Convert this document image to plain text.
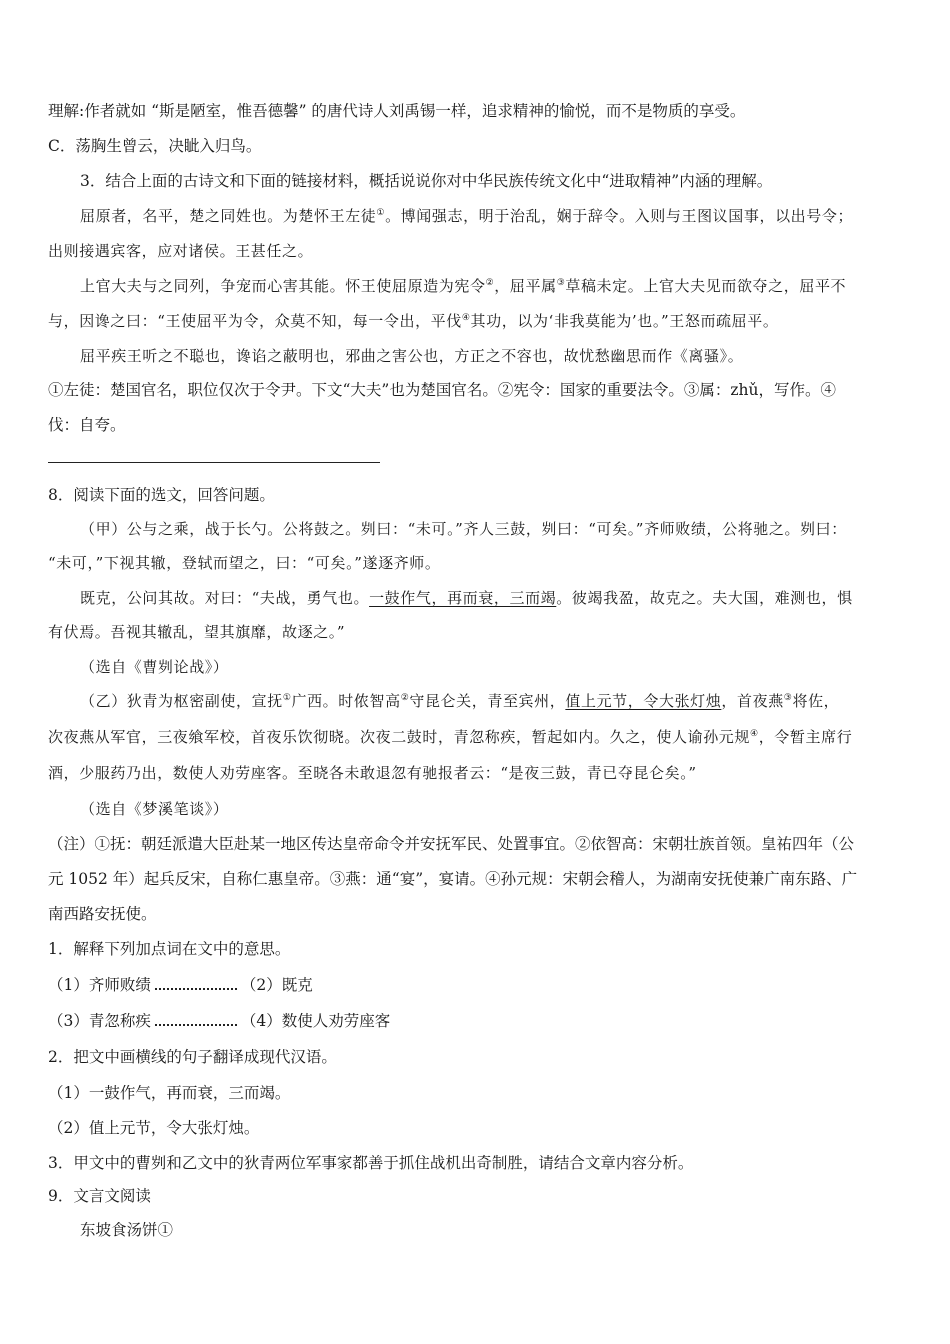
理解:作者就如 “斯是陋室，惟吾德馨” 的唐代诗人刘禹锡一样，追求精神的愉悦，而不是物质的享受。
C．荡胸生曾云，决眦入归鸟。
3．结合上面的古诗文和下面的链接材料，概括说说你对中华民族传统文化中“进取精神”内涵的理解。
屈原者，名平，楚之同姓也。为楚怀王左徒①。博闻强志，明于治乱，娴于辞令。入则与王图议国事，以出号令；
出则接遇宾客，应对诸侯。王甚任之。
上官大夫与之同列，争宠而心害其能。怀王使屈原造为宪令②，屈平属③草稿未定。上官大夫见而欲夺之，屈平不
与，因谗之曰：“王使屈平为令，众莫不知，每一令出，平伐④其功，以为‘非我莫能为’也。”王怒而疏屈平。
屈平疾王听之不聪也，谗谄之蔽明也，邪曲之害公也，方正之不容也，故忧愁幽思而作《离骚》。
①左徒：楚国官名，职位仅次于令尹。下文“大夫”也为楚国官名。②宪令：国家的重要法令。③属：zhǔ，写作。④
伐：自夸。
8．阅读下面的选文，回答问题。
（甲）公与之乘，战于长勺。公将鼓之。刿曰：“未可。”齐人三鼓，刿曰：“可矣。”齐师败绩，公将驰之。刿曰：
“未可，”下视其辙，登轼而望之，曰：“可矣。”遂逐齐师。
既克，公问其故。对曰：“夫战，勇气也。一鼓作气，再而衰，三而竭。彼竭我盈，故克之。夫大国，难测也，惧
有伏焉。吾视其辙乱，望其旗靡，故逐之。”
（选自《曹刿论战》）
（乙）狄青为枢密副使，宣抚①广西。时侬智高②守昆仑关，青至宾州，值上元节，令大张灯烛，首夜燕③将佐，
次夜燕从军官，三夜飨军校，首夜乐饮彻晓。次夜二鼓时，青忽称疾，暂起如内。久之，使人谕孙元规④，令暂主席行
酒，少服药乃出，数使人劝劳座客。至晓各未敢退忽有驰报者云：“是夜三鼓，青已夺昆仑矣。”
（选自《梦溪笔谈》）
（注）①抚：朝廷派遣大臣赴某一地区传达皇帝命令并安抚军民、处置事宜。②依智高：宋朝壮族首领。皇祐四年（公
元 1052 年）起兵反宋，自称仁惠皇帝。③燕：通“宴”，宴请。④孙元规：宋朝会稽人，为湖南安抚使兼广南东路、广
南西路安抚使。
1．解释下列加点词在文中的意思。
（1）齐师败绩	（2）既克
（3）青忽称疾	（4）数使人劝劳座客
2．把文中画横线的句子翻译成现代汉语。
（1）一鼓作气，再而衰，三而竭。
（2）值上元节，令大张灯烛。
3．甲文中的曹刿和乙文中的狄青两位军事家都善于抓住战机出奇制胜，请结合文章内容分析。
9．文言文阅读
东坡食汤饼①
